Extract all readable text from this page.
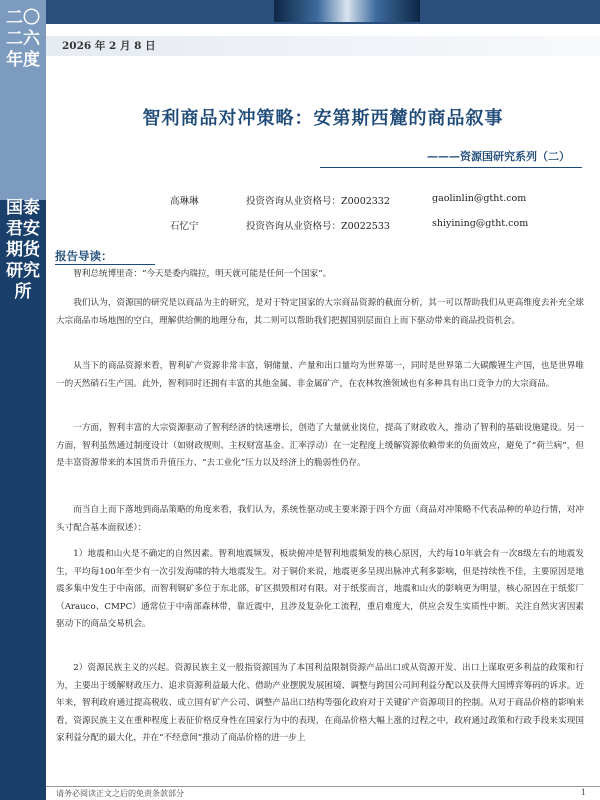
二〇二六年度
国泰君安期货研究所
2026 年 2 月 8 日
智利商品对冲策略：安第斯西麓的商品叙事
———资源国研究系列（二）
高琳琳	投资咨询从业资格号：Z0002332	gaolinlin@gtht.com
石忆宁	投资咨询从业资格号：Z0022533	shiyining@gtht.com
报告导读：
智利总统博里奇：“今天是委内瑞拉，明天就可能是任何一个国家”。
我们认为，资源国的研究是以商品为主的研究，是对于特定国家的大宗商品资源的截面分析，其一可以帮助我们从更高维度去补充全球大宗商品市场地图的空白，理解供给侧的地理分布，其二则可以帮助我们把握国别层面自上而下驱动带来的商品投资机会。
从当下的商品资源来看，智利矿产资源非常丰富，铜储量、产量和出口量均为世界第一，同时是世界第二大碳酸锂生产国，也是世界唯一的天然硝石生产国。此外，智利同时还拥有丰富的其他金属、非金属矿产，在农林牧渔领域也有多种具有出口竞争力的大宗商品。
一方面，智利丰富的大宗资源驱动了智利经济的快速增长，创造了大量就业岗位，提高了财政收入，推动了智利的基础设施建设。另一方面，智利虽然通过制度设计（如财政规则、主权财富基金、汇率浮动）在一定程度上缓解资源依赖带来的负面效应，避免了“荷兰病”，但是丰富资源带来的本国货币升值压力、“去工业化”压力以及经济上的脆弱性仍存。
而当自上而下落地到商品策略的角度来看，我们认为，系统性驱动或主要来源于四个方面（商品对冲策略不代表品种的单边行情，对冲头寸配合基本面叙述）：
1）地震和山火是不确定的自然因素。智利地震频发，板块俯冲是智利地震频发的核心原因，大约每10年就会有一次8级左右的地震发生，平均每100年至少有一次引发海啸的特大地震发生。对于铜价来说，地震更多呈现出脉冲式利多影响，但是持续性不佳，主要原因是地震多集中发生于中南部，而智利铜矿多位于东北部，矿区损毁相对有限。对于纸浆而言，地震和山火的影响更为明显，核心原因在于纸浆厂（Arauco、CMPC）通常位于中南部森林带，靠近震中，且涉及复杂化工流程，重启难度大，供应会发生实质性中断。关注自然灾害因素驱动下的商品交易机会。
2）资源民族主义的兴起。资源民族主义一般指资源国为了本国利益限制资源产品出口或从资源开发、出口上谋取更多利益的政策和行为，主要出于缓解财政压力、追求资源利益最大化、借助产业摆脱发展困境、调整与跨国公司间利益分配以及获得大国博弈筹码的诉求。近年来，智利政府通过提高税收、成立国有矿产公司、调整产品出口结构等强化政府对于关键矿产资源项目的控制。从对于商品价格的影响来看，资源民族主义在重种程度上表征价格反身性在国家行为中的表现，在商品价格大幅上涨的过程之中，政府通过政策和行政手段来实现国家利益分配的最大化，并在“不经意间”推动了商品价格的进一步上
请务必阅读正文之后的免责条款部分	1
